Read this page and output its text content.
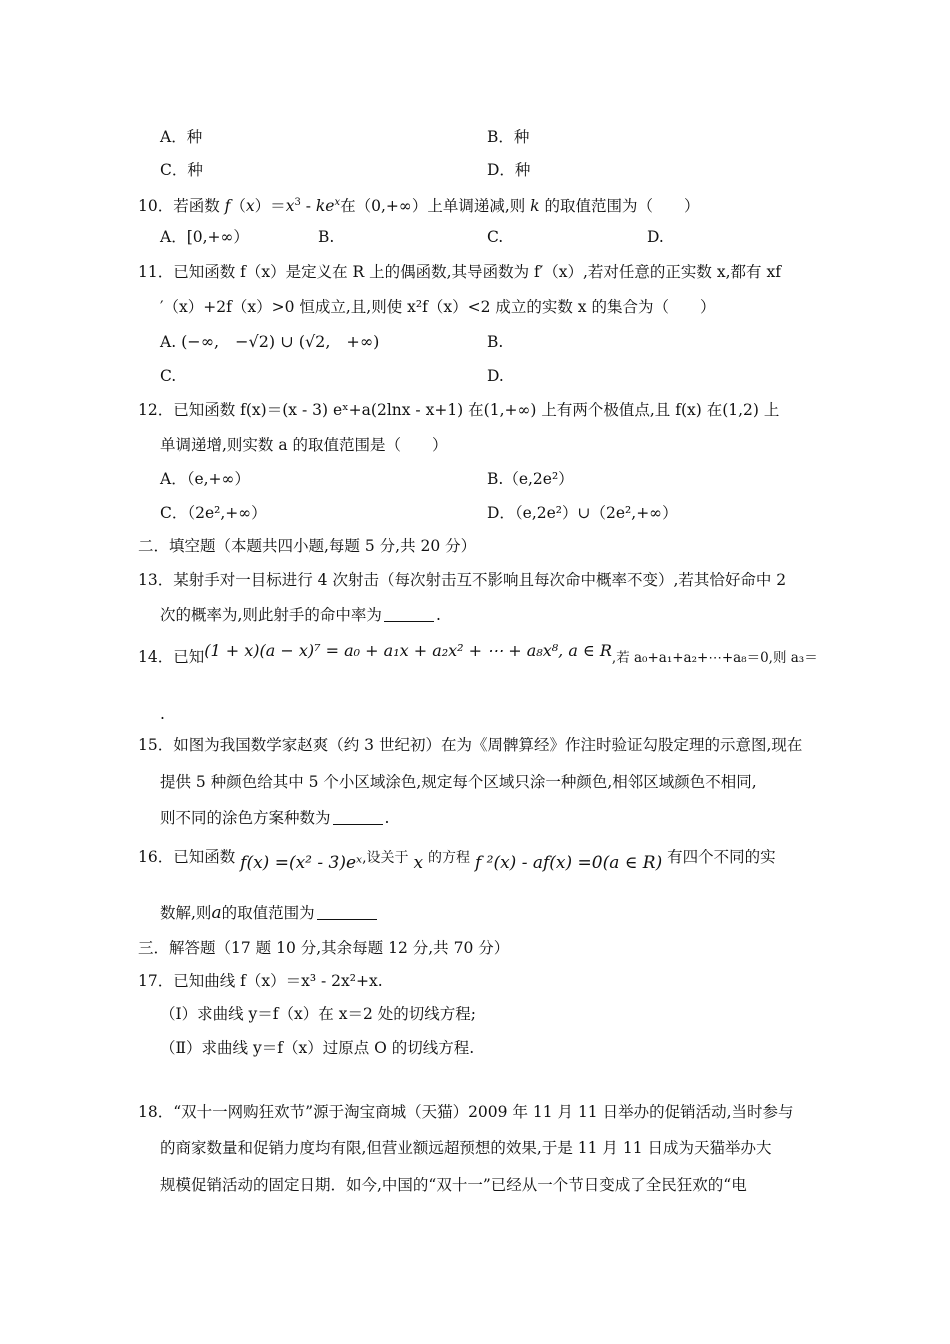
A．种	B．种
C．种	D．种
10．若函数 $f(x)=x^3 - ke^x$在（0,+∞）上单调递减,则 k 的取值范围为（　　）
A．[0,+∞）	B.	C.	D.
11．已知函数 f（x）是定义在 R 上的偶函数,其导函数为 f′（x）,若对任意的正实数 x,都有 xf
′（x）+2f（x）>0 恒成立,且,则使 x²f（x）<2 成立的实数 x 的集合为（　　）
A. (−∞,　−√2) ∪ (√2,　+∞)	B.
C.	D.
12．已知函数 f(x)＝(x - 3) eˣ+a(2lnx - x+1) 在(1,+∞) 上有两个极值点,且 f(x) 在(1,2) 上
单调递增,则实数 a 的取值范围是（　　）
A．（e,+∞）	B.（e,2e²）
C．（2e²,+∞）	D．（e,2e²）∪（2e²,+∞）
二．填空题（本题共四小题,每题 5 分,共 20 分）
13．某射手对一目标进行 4 次射击（每次射击互不影响且每次命中概率不变）,若其恰好命中 2
次的概率为,则此射手的命中率为	.
14．已知(1 + x)(a − x)⁷ = a₀ + a₁x + a₂x² + ⋯ + a₈x⁸, a ∈ R,若 a₀+a₁+a₂+⋯+a₈＝0,则 a₃＝
.
15．如图为我国数学家赵爽（约 3 世纪初）在为《周髀算经》作注时验证勾股定理的示意图,现在
提供 5 种颜色给其中 5 个小区域涂色,规定每个区域只涂一种颜色,相邻区域颜色不相同,
则不同的涂色方案种数为	.
16．已知函数 f(x) =(x² - 3)eˣ,设关于 x 的方程 f ²(x) - af(x) =0(a ∈ R) 有四个不同的实
数解,则a的取值范围为
三．解答题（17 题 10 分,其余每题 12 分,共 70 分）
17．已知曲线 f（x）＝x³ - 2x²+x.
（Ⅰ）求曲线 y＝f（x）在 x＝2 处的切线方程;
（Ⅱ）求曲线 y＝f（x）过原点 O 的切线方程.
18．“双十一网购狂欢节”源于淘宝商城（天猫）2009 年 11 月 11 日举办的促销活动,当时参与
的商家数量和促销力度均有限,但营业额远超预想的效果,于是 11 月 11 日成为天猫举办大
规模促销活动的固定日期．如今,中国的“双十一”已经从一个节日变成了全民狂欢的“电
